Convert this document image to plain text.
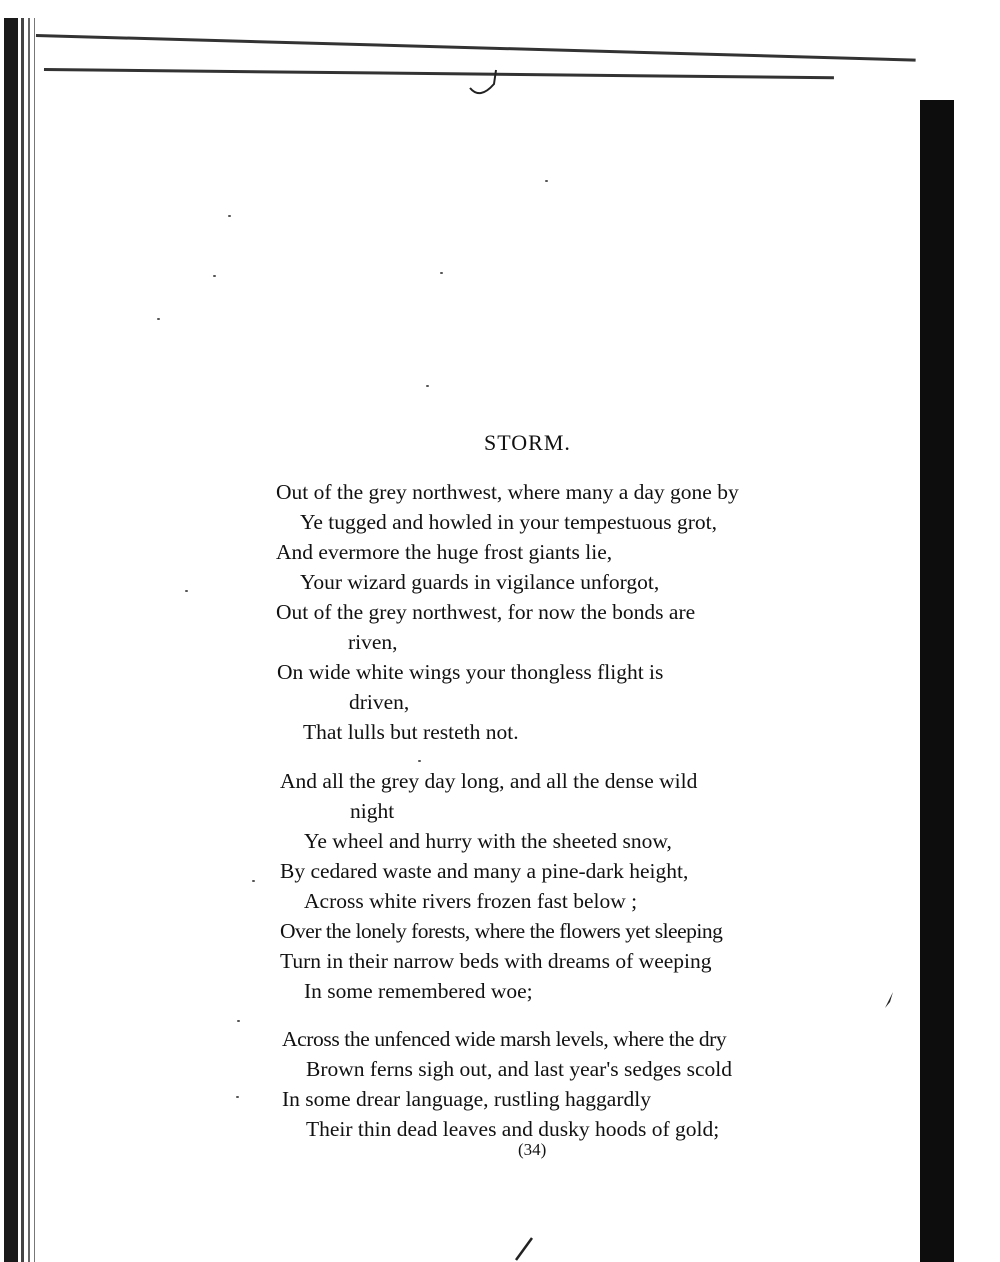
STORM.
Out of the grey northwest, where many a day gone by
Ye tugged and howled in your tempestuous grot,
And evermore the huge frost giants lie,
Your wizard guards in vigilance unforgot,
Out of the grey northwest, for now the bonds are
riven,
On wide white wings your thongless flight is
driven,
That lulls but resteth not.
And all the grey day long, and all the dense wild
night
Ye wheel and hurry with the sheeted snow,
By cedared waste and many a pine-dark height,
Across white rivers frozen fast below ;
Over the lonely forests, where the flowers yet sleeping
Turn in their narrow beds with dreams of weeping
In some remembered woe;
Across the unfenced wide marsh levels, where the dry
Brown ferns sigh out, and last year's sedges scold
In some drear language, rustling haggardly
Their thin dead leaves and dusky hoods of gold;
(34)
